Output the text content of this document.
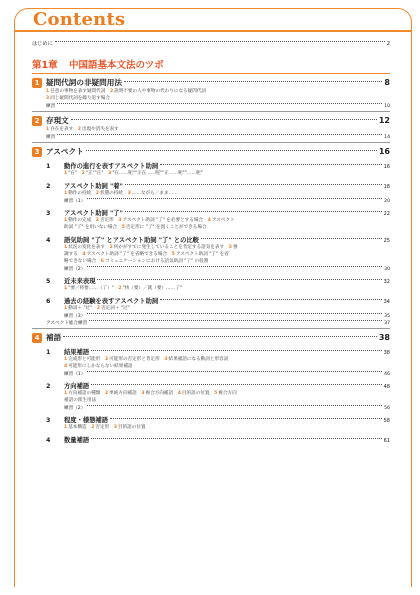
Contents
はじめに	2
第1章 中国語基本文法のツボ
1 疑問代詞の非疑問用法	8
1任意の事物を表す疑問代詞　2説明不要の人や事物の代わりになる疑問代詞
3同じ疑問代詞を繰り返す場合
練習	10
2 存現文	12
1存在を表す　2出現や消失を表す
練習	14
3 アスペクト	16
1 動作の進行を表すアスペクト助詞	16
1"在"　2"正""正"　3"在……呢""正在……呢""正……呢""……呢"
2 アスペクト助詞 "着"	18
1動作の持続　2状態の持続　3……ながら／まま……
練習（1）	20
3 アスペクト助詞 "了"	22
1動作の完成　2否定形　3アスペクト助詞 "了" を必要とする場合　4アスペクト
助詞 "了" を用いない場合　5否定形に "了" を置くことができる場合
4 語気助詞 "了" とアスペクト助詞 "了" との比較	25
1状況の変化を表す　2何かがすでに発生していることを肯定する語気を表す　3強
調する　4アスペクト助詞 "了" を省略できる場合　5アスペクト助詞 "了" を省
略できない場合　6コミュニケーションにおける語気助詞 "了" の役割
練習（2）	30
5 近未来表現	32
1"要／将要……（了）"　2"快（要）／就（要）……了"
6 過去の経験を表すアスペクト助詞	34
1動詞＋ "过"　2否定詞＋ "过"
練習（3）	35
アスペクト総合練習	37
4 補語	38
1 結果補語	38
1完成形と可能形　2可能形の否定形と肯定形　3結果補語になる動詞と形容詞
4可能形にしかならない結果補語
練習（1）	46
2 方向補語	48
1方向補語の種類　2単純方向補語　3複合方向補語　4目的語の位置　5複合方向
補語の派生用法
練習（2）	56
3 程度・様態補語	58
1基本構造　2否定形　3目的語の位置
4 数量補語	61
